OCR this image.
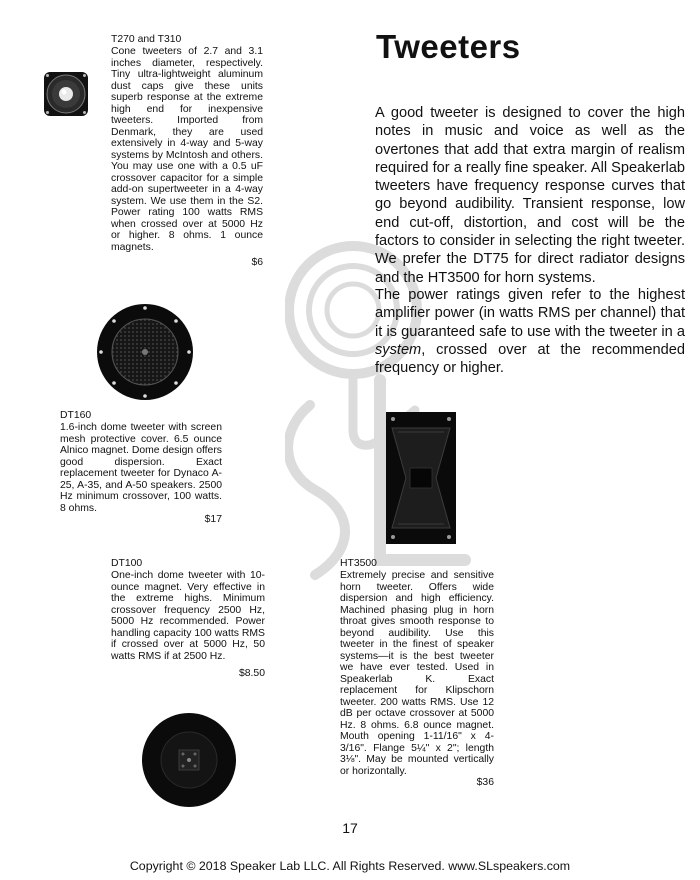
Tweeters
A good tweeter is designed to cover the high notes in music and voice as well as the overtones that add that extra margin of realism required for a really fine speaker. All Speakerlab tweeters have frequency response curves that go beyond audibility. Transient response, low end cut-off, distortion, and cost will be the factors to consider in selecting the right tweeter. We prefer the DT75 for direct radiator designs and the HT3500 for horn systems.
The power ratings given refer to the highest amplifier power (in watts RMS per channel) that it is guaranteed safe to use with the tweeter in a system, crossed over at the recommended frequency or higher.
T270 and T310
Cone tweeters of 2.7 and 3.1 inches diameter, respectively. Tiny ultra-lightweight aluminum dust caps give these units superb response at the extreme high end for inexpensive tweeters. Imported from Denmark, they are used extensively in 4-way and 5-way systems by McIntosh and others. You may use one with a 0.5 uF crossover capacitor for a simple add-on supertweeter in a 4-way system. We use them in the S2. Power rating 100 watts RMS when crossed over at 5000 Hz or higher. 8 ohms. 1 ounce magnets.
$6
DT160
1.6-inch dome tweeter with screen mesh protective cover. 6.5 ounce Alnico magnet. Dome design offers good dispersion. Exact replacement tweeter for Dynaco A-25, A-35, and A-50 speakers. 2500 Hz minimum crossover, 100 watts. 8 ohms.
$17
DT100
One-inch dome tweeter with 10-ounce magnet. Very effective in the extreme highs. Minimum crossover frequency 2500 Hz, 5000 Hz recommended. Power handling capacity 100 watts RMS if crossed over at 5000 Hz, 50 watts RMS if at 2500 Hz.
$8.50
HT3500
Extremely precise and sensitive horn tweeter. Offers wide dispersion and high efficiency. Machined phasing plug in horn throat gives smooth response to beyond audibility. Use this tweeter in the finest of speaker systems—it is the best tweeter we have ever tested. Used in Speakerlab K. Exact replacement for Klipschorn tweeter. 200 watts RMS. Use 12 dB per octave crossover at 5000 Hz. 8 ohms. 6.8 ounce magnet. Mouth opening 1-11/16" x 4-3/16". Flange 5¼" x 2"; length 3⅛". May be mounted vertically or horizontally.
$36
17
Copyright © 2018 Speaker Lab LLC. All Rights Reserved. www.SLspeakers.com
